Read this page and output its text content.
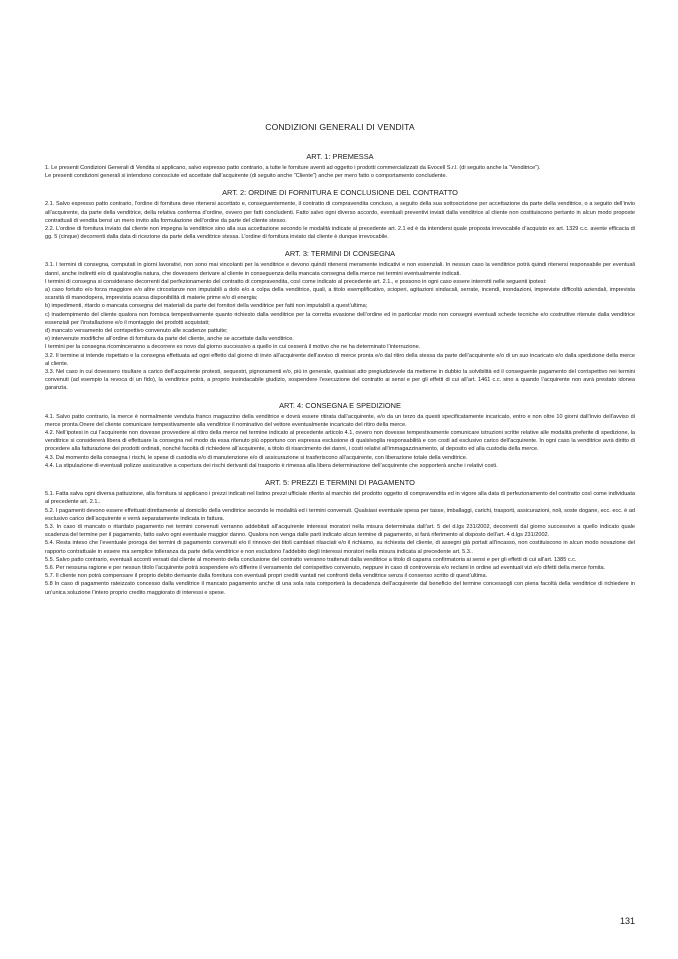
CONDIZIONI GENERALI DI VENDITA
ART. 1: PREMESSA

1. Le presenti Condizioni Generali di Vendita si applicano, salvo espresso patto contrario, a tutte le forniture aventi ad oggetto i prodotti commercializzati da Evocell S.r.l. (di seguito anche la “Venditrice”).

Le presenti condizioni generali si intendono conosciute ed accettate dall’acquirente (di seguito anche “Cliente”) anche per mero fatto o comportamento concludente.

ART. 2: ORDINE DI FORNITURA E CONCLUSIONE DEL CONTRATTO

2.1. Salvo espresso patto contrario, l’ordine di fornitura deve ritenersi accettato e, conseguentemente, il contratto di compravendita concluso, a seguito della sua sottoscrizione per accettazione da parte della venditrice, o a seguito dell’invio all’acquirente, da parte della venditrice, della relativa conferma d’ordine, ovvero per fatti concludenti. Fatto salvo ogni diverso accordo, eventuali preventivi inviati dalla venditrice al cliente non costituiscono pertanto in alcun modo proposte contrattuali di vendita bensì un mero invito alla formulazione dell’ordine da parte del cliente stesso.

2.2. L’ordine di fornitura inviato dal cliente non impegna la venditrice sino alla sua accettazione secondo le modalità indicate al precedente art. 2.1 ed è da intendersi quale proposta irrevocabile d’acquisto ex art. 1329 c.c. avente efficacia di gg. 5 (cinque) decorrenti dalla data di ricezione da parte della venditrice stessa. L’ordine di fornitura inviato dal cliente è dunque irrevocabile.

ART. 3: TERMINI DI CONSEGNA

3.1. I termini di consegna, computati in giorni lavorativi, non sono mai vincolanti per la venditrice e devono quindi ritenersi meramente indicativi e non essenziali. In nessun caso la venditrice potrà quindi ritenersi responsabile per eventuali danni, anche indiretti e/o di qualsivoglia natura, che dovessero derivare al cliente in conseguenza della mancata consegna della merce nei termini eventualmente indicati.

I termini di consegna si considerano decorrenti dal perfezionamento del contratto di compravendita, così come indicato al precedente art. 2.1., e possono in ogni caso essere interrotti nelle seguenti ipotesi:

a) caso fortuito e/o forza maggiore e/o altre circostanze non imputabili a dolo e/o a colpa della venditrice, quali, a titolo esemplificativo, scioperi, agitazioni sindacali, serrate, incendi, inondazioni, impreviste difficoltà aziendali, imprevista scarsità di manodopera, imprevista scarsa disponibilità di materie prime e/o di energia;

b) impedimenti, ritardo o mancata consegna dei materiali da parte dei fornitori della venditrice per fatti non imputabili a quest’ultima;

c) inadempimento del cliente qualora non fornisca tempestivamente quanto richiesto dalla venditrice per la corretta evasione dell’ordine ed in particolar modo non consegni eventuali schede tecniche e/o costruttive ritenute dalla venditrice essenziali per l’installazione e/o il montaggio dei prodotti acquistati;

d) mancato versamento del corrispettivo convenuto alle scadenze pattuite;

e) intervenute modifiche all’ordine di fornitura da parte del cliente, anche se accettate dalla venditrice.

I termini per la consegna ricominceranno a decorrere ex novo dal giorno successivo a quello in cui cesserà il motivo che ne ha determinato l’interruzione.

3.2. Il termine si intende rispettato e la consegna effettuata ad ogni effetto dal giorno di invio all’acquirente dell’avviso di merce pronta e/o dal ritiro della stessa da parte dell’acquirente e/o di un suo incaricato e/o dalla spedizione della merce al cliente.

3.3. Nel caso in cui dovessero risultare a carico dell’acquirente protesti, sequestri, pignoramenti e/o, più in generale, qualsiasi atto pregiudizievole da metterne in dubbio la solvibilità ed il conseguente pagamento del corrispettivo nei termini convenuti (ad esempio la revoca di un fido), la venditrice potrà, a proprio insindacabile giudizio, sospendere l’esecuzione del contratto ai sensi e per gli effetti di cui all’art. 1461 c.c. sino a quando l’acquirente non avrà prestato idonea garanzia.

ART. 4: CONSEGNA E SPEDIZIONE

4.1. Salvo patto contrario, la merce è normalmente venduta franco magazzino della venditrice e dovrà essere ritirata dall’acquirente, e/o da un terzo da questi specificatamente incaricato, entro e non oltre 10 giorni dall’invio dell’avviso di merce pronta.Onere del cliente comunicare tempestivamente alla venditrice il nominativo del vettore eventualmente incaricato del ritiro della merce.

4.2. Nell’ipotesi in cui l’acquirente non dovesse provvedere al ritiro della merce nel termine indicato al precedente articolo 4.1, ovvero non dovesse tempestivamente comunicare istruzioni scritte relative alle modalità preferite di spedizione, la venditrice si considererà libera di effettuare la consegna nel modo da essa ritenuto più opportuno con espressa esclusione di qualsivoglia responsabilità e con costi ad esclusivo carico dell’acquirente. In ogni caso la venditrice avrà diritto di procedere alla fatturazione dei prodotti ordinati, nonché facoltà di richiedere all’acquirente, a titolo di risarcimento dei danni, i costi relativi all’immagazzinamento, al deposito ed alla custodia della merce.

4.3. Dal momento della consegna i rischi, le spese di custodia e/o di manutenzione e/o di assicurazione si trasferiscono all’acquirente, con liberazione totale della venditrice.

4.4. La stipulazione di eventuali polizze assicurative a copertura dei rischi derivanti dal trasporto è rimessa alla libera determinazione dell’acquirente che sopporterà anche i relativi costi.

ART. 5: PREZZI E TERMINI DI PAGAMENTO

5.1. Fatta salva ogni diversa pattuizione, alla fornitura si applicano i prezzi indicati nel listino prezzi ufficiale riferito al marchio del prodotto oggetto di compravendita ed in vigore alla data di perfezionamento del contratto così come individuata al precedente art. 2.1..

5.2. I pagamenti devono essere effettuati direttamente al domicilio della venditrice secondo le modalità ed i termini convenuti. Qualsiasi eventuale spesa per tasse, imballaggi, carichi, trasporti, assicurazioni, noli, soste dogane, ecc. ecc. è ad esclusivo carico dell’acquirente e verrà separatamente indicata in fattura.

5.3. In caso di mancato o ritardato pagamento nei termini convenuti verranno addebitati all’acquirente interessi moratori nella misura determinata dall’art. 5 del d.lgs 231/2002, decorrenti dal giorno successivo a quello indicato quale scadenza del termine per il pagamento, fatto salvo ogni eventuale maggior danno. Qualora non venga dalle parti indicato alcun termine di pagamento, si farà riferimento al disposto dell’art. 4 d.lgs 231/2002.

5.4. Resta inteso che l’eventuale proroga dei termini di pagamento convenuti e/o il rinnovo dei titoli cambiari rilasciati e/o il richiamo, su richiesta del cliente, di assegni già portati all’incasso, non costituiscono in alcun modo novazione del rapporto contrattuale in essere ma semplice tolleranza da parte della venditrice e non escludono l’addebito degli interessi moratori nella misura indicata al precedente art. 5.3..

5.5. Salvo patto contrario, eventuali acconti versati dal cliente al momento della conclusione del contratto verranno trattenuti dalla venditrice a titolo di caparra confirmatoria ai sensi e per gli effetti di cui all’art. 1385 c.c.

5.6. Per nessuna ragione e per nessun titolo l’acquirente potrà sospendere e/o differire il versamento del corrispettivo convenuto, neppure in caso di controversia e/o reclami in ordine ad eventuali vizi e/o difetti della merce fornita.

5.7. Il cliente non potrà compensare il proprio debito derivante dalla fornitura con eventuali propri crediti vantati nei confronti della venditrice senza il consenso scritto di quest’ultima.

5.8 In caso di pagamento rateizzato concesso dalla venditrice il mancato pagamento anche di una sola rata comporterà la decadenza dell’acquirente dal beneficio del termine concessogli con piena facoltà della venditrice di richiedere in un’unica soluzione l’intero proprio credito maggiorato di interessi e spese.

131
